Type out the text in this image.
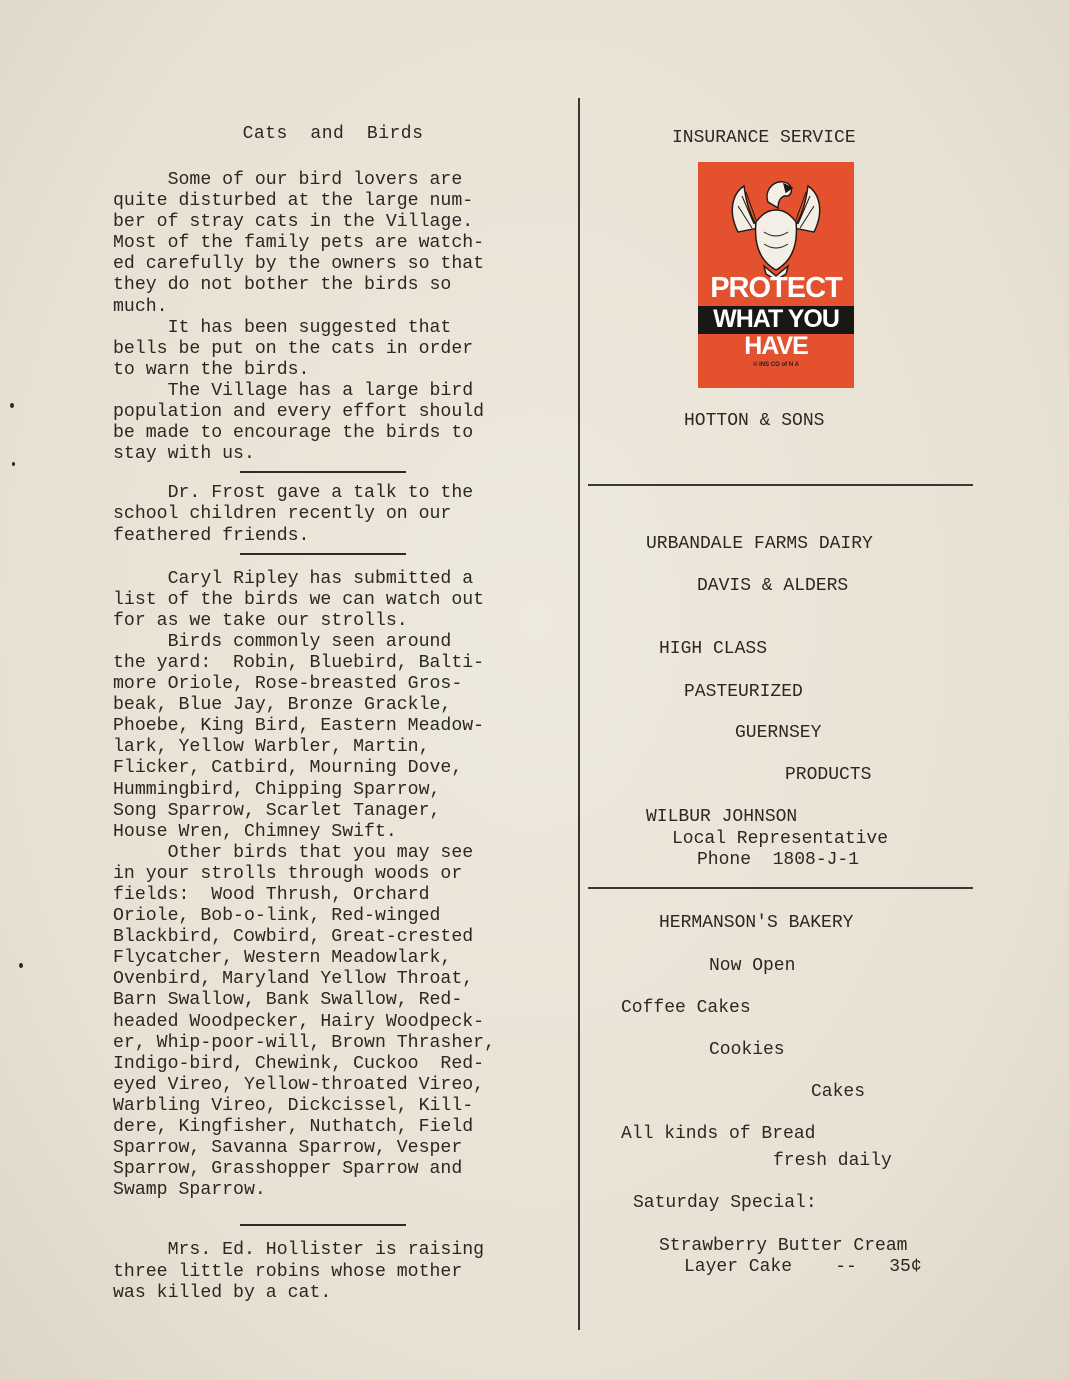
Cats  and  Birds

Some of our bird lovers are
quite disturbed at the large num-
ber of stray cats in the Village.
Most of the family pets are watch-
ed carefully by the owners so that
they do not bother the birds so
much.

It has been suggested that
bells be put on the cats in order
to warn the birds.

The Village has a large bird
population and every effort should
be made to encourage the birds to
stay with us.

Dr. Frost gave a talk to the
school children recently on our
feathered friends.

Caryl Ripley has submitted a
list of the birds we can watch out
for as we take our strolls.

Birds commonly seen around
the yard:  Robin, Bluebird, Balti-
more Oriole, Rose-breasted Gros-
beak, Blue Jay, Bronze Grackle,
Phoebe, King Bird, Eastern Meadow-
lark, Yellow Warbler, Martin,
Flicker, Catbird, Mourning Dove,
Hummingbird, Chipping Sparrow,
Song Sparrow, Scarlet Tanager,
House Wren, Chimney Swift.

Other birds that you may see
in your strolls through woods or
fields:  Wood Thrush, Orchard
Oriole, Bob-o-link, Red-winged
Blackbird, Cowbird, Great-crested
Flycatcher, Western Meadowlark,
Ovenbird, Maryland Yellow Throat,
Barn Swallow, Bank Swallow, Red-
headed Woodpecker, Hairy Woodpeck-
er, Whip-poor-will, Brown Thrasher,
Indigo-bird, Chewink, Cuckoo  Red-
eyed Vireo, Yellow-throated Vireo,
Warbling Vireo, Dickcissel, Kill-
dere, Kingfisher, Nuthatch, Field
Sparrow, Savanna Sparrow, Vesper
Sparrow, Grasshopper Sparrow and
Swamp Sparrow.

Mrs. Ed. Hollister is raising
three little robins whose mother
was killed by a cat.

INSURANCE SERVICE
PROTECT
WHAT YOU
HAVE
© INS CO of N A
HOTTON & SONS
URBANDALE FARMS DAIRY
DAVIS & ALDERS
HIGH CLASS
PASTEURIZED
GUERNSEY
PRODUCTS
WILBUR JOHNSON
Local Representative
Phone  1808-J-1
HERMANSON'S BAKERY
Now Open
Coffee Cakes
Cookies
Cakes
All kinds of Bread
fresh daily
Saturday Special:
Strawberry Butter Cream
Layer Cake    --   35¢
